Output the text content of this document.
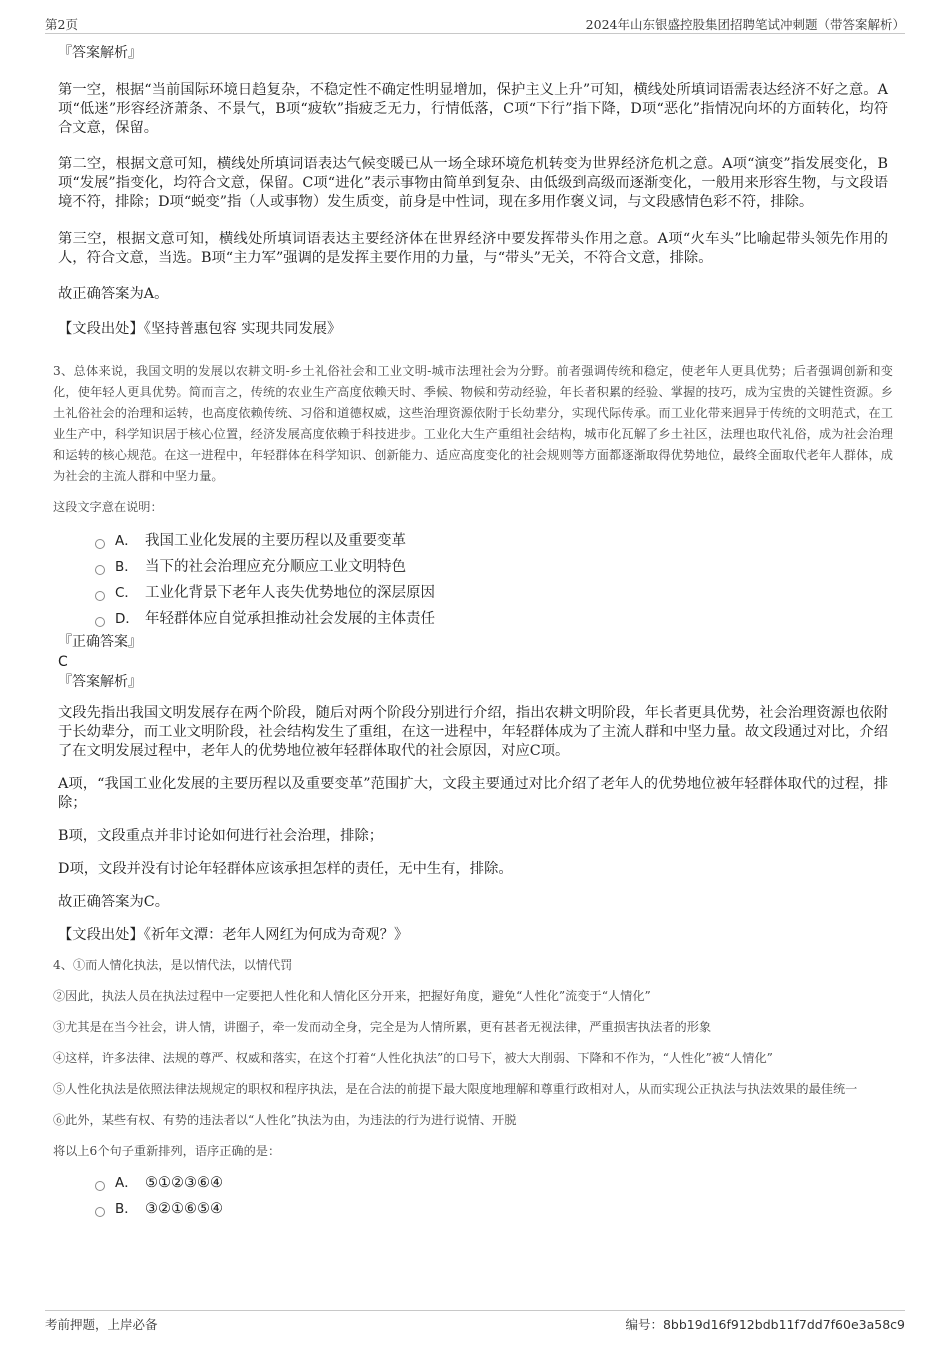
第2页	2024年山东银盛控股集团招聘笔试冲刺题（带答案解析）
『答案解析』

第一空，根据“当前国际环境日趋复杂，不稳定性不确定性明显增加，保护主义上升”可知，横线处所填词语需表达经济不好之意。A项“低迷”形容经济萧条、不景气，B项“疲软”指疲乏无力，行情低落，C项“下行”指下降，D项“恶化”指情况向坏的方面转化，均符合文意，保留。

第二空，根据文意可知，横线处所填词语表达气候变暖已从一场全球环境危机转变为世界经济危机之意。A项“演变”指发展变化，B项“发展”指变化，均符合文意，保留。C项“进化”表示事物由简单到复杂、由低级到高级而逐渐变化，一般用来形容生物，与文段语境不符，排除；D项“蜕变”指（人或事物）发生质变，前身是中性词，现在多用作褒义词，与文段感情色彩不符，排除。

第三空，根据文意可知，横线处所填词语表达主要经济体在世界经济中要发挥带头作用之意。A项“火车头”比喻起带头领先作用的人，符合文意，当选。B项“主力军”强调的是发挥主要作用的力量，与“带头”无关，不符合文意，排除。

故正确答案为A。

【文段出处】《坚持普惠包容 实现共同发展》

3、总体来说，我国文明的发展以农耕文明-乡土礼俗社会和工业文明-城市法理社会为分野。前者强调传统和稳定，使老年人更具优势；后者强调创新和变化，使年轻人更具优势。简而言之，传统的农业生产高度依赖天时、季候、物候和劳动经验，年长者积累的经验、掌握的技巧，成为宝贵的关键性资源。乡土礼俗社会的治理和运转，也高度依赖传统、习俗和道德权威，这些治理资源依附于长幼辈分，实现代际传承。而工业化带来迥异于传统的文明范式，在工业生产中，科学知识居于核心位置，经济发展高度依赖于科技进步。工业化大生产重组社会结构，城市化瓦解了乡土社区，法理也取代礼俗，成为社会治理和运转的核心规范。在这一进程中，年轻群体在科学知识、创新能力、适应高度变化的社会规则等方面都逐渐取得优势地位，最终全面取代老年人群体，成为社会的主流人群和中坚力量。

这段文字意在说明：

A． 我国工业化发展的主要历程以及重要变革
B． 当下的社会治理应充分顺应工业文明特色
C． 工业化背景下老年人丧失优势地位的深层原因
D． 年轻群体应自觉承担推动社会发展的主体责任
『正确答案』
C
『答案解析』

文段先指出我国文明发展存在两个阶段，随后对两个阶段分别进行介绍，指出农耕文明阶段，年长者更具优势，社会治理资源也依附于长幼辈分，而工业文明阶段，社会结构发生了重组，在这一进程中，年轻群体成为了主流人群和中坚力量。故文段通过对比，介绍了在文明发展过程中，老年人的优势地位被年轻群体取代的社会原因，对应C项。

A项，“我国工业化发展的主要历程以及重要变革”范围扩大，文段主要通过对比介绍了老年人的优势地位被年轻群体取代的过程，排除；

B项，文段重点并非讨论如何进行社会治理，排除；

D项，文段并没有讨论年轻群体应该承担怎样的责任，无中生有，排除。

故正确答案为C。

【文段出处】《祈年文潭：老年人网红为何成为奇观？》

4、①而人情化执法，是以情代法，以情代罚

②因此，执法人员在执法过程中一定要把人性化和人情化区分开来，把握好角度，避免“人性化”流变于“人情化”

③尤其是在当今社会，讲人情，讲圈子，牵一发而动全身，完全是为人情所累，更有甚者无视法律，严重损害执法者的形象

④这样，许多法律、法规的尊严、权威和落实，在这个打着“人性化执法”的口号下，被大大削弱、下降和不作为，“人性化”被“人情化”

⑤人性化执法是依照法律法规规定的职权和程序执法，是在合法的前提下最大限度地理解和尊重行政相对人，从而实现公正执法与执法效果的最佳统一

⑥此外，某些有权、有势的违法者以“人性化”执法为由，为违法的行为进行说情、开脱

将以上6个句子重新排列，语序正确的是：

A． ⑤①②③⑥④
B． ③②①⑥⑤④
考前押题，上岸必备	编号：8bb19d16f912bdb11f7dd7f60e3a58c9
